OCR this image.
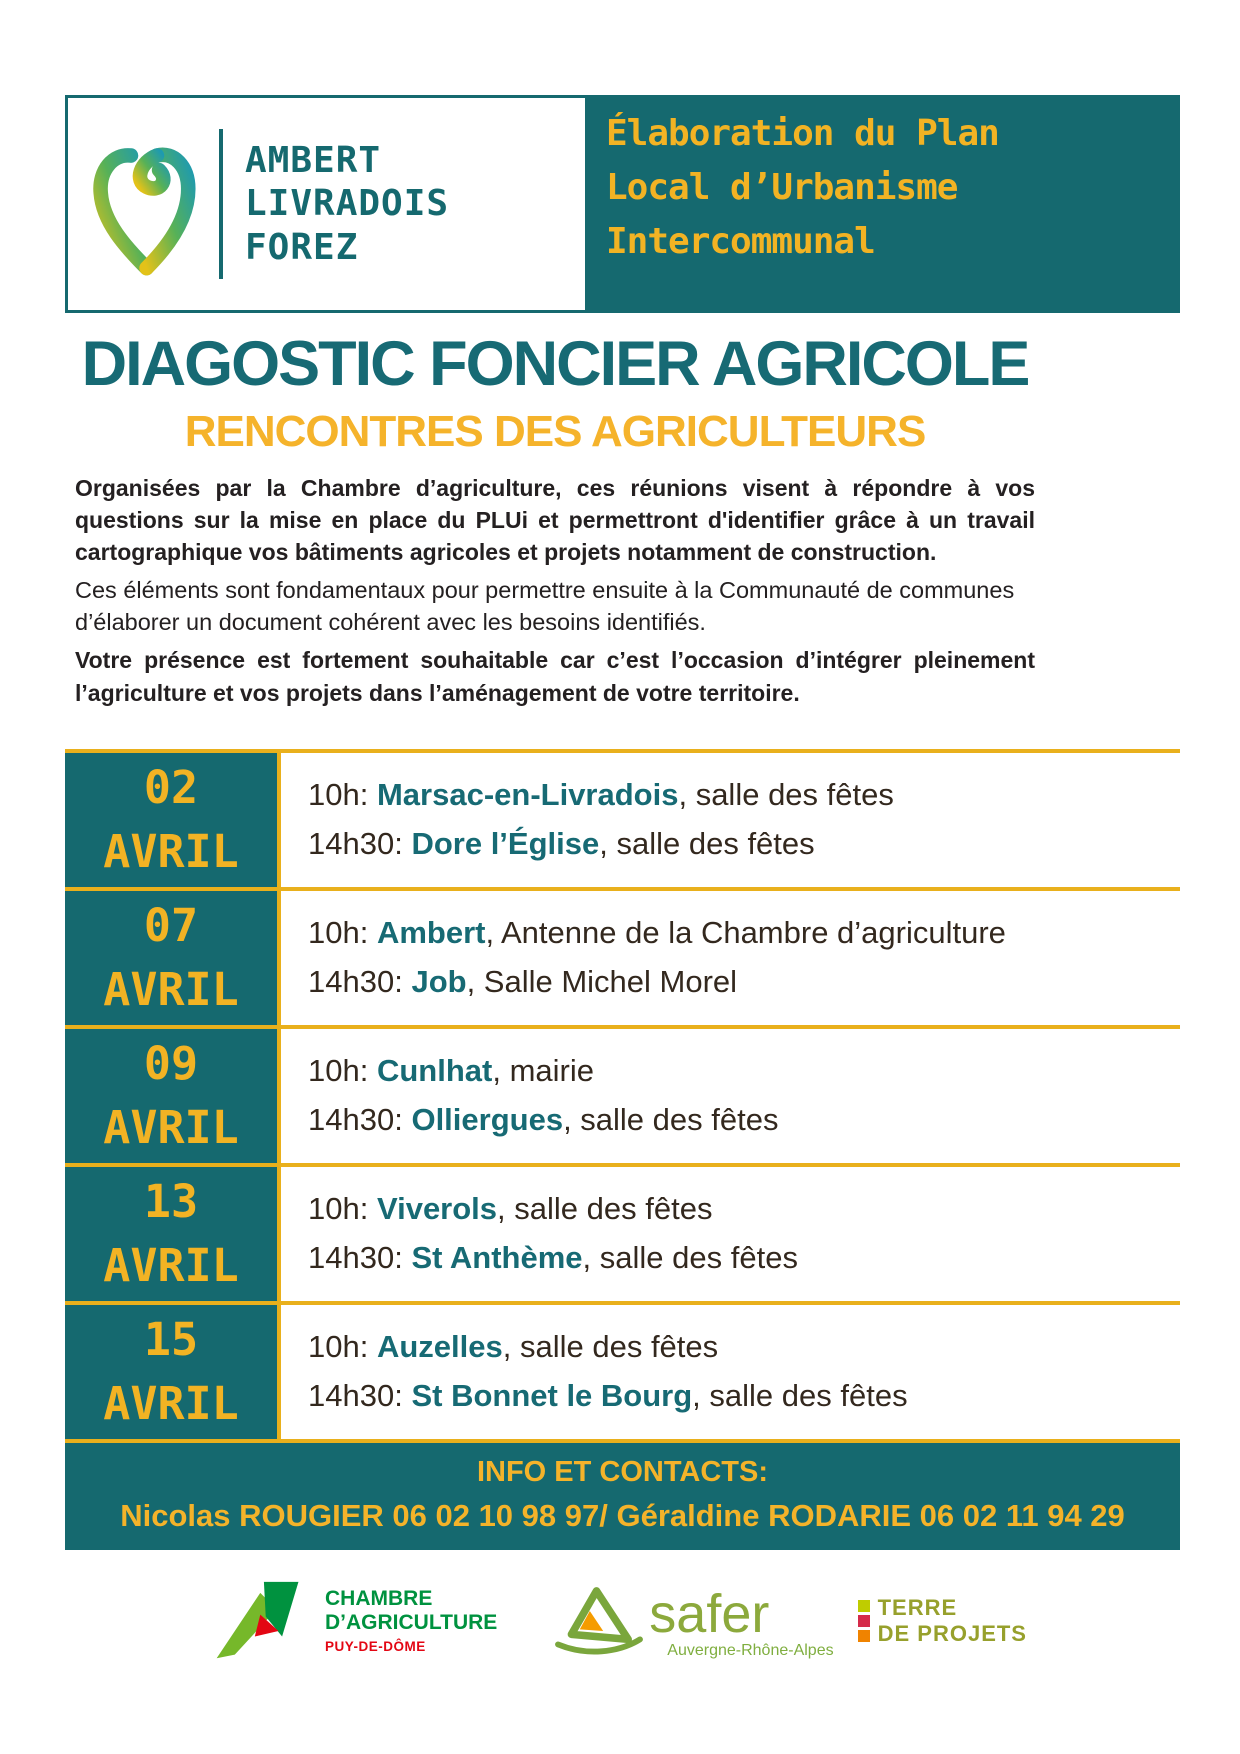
AMBERT
LIVRADOIS
FOREZ
Élaboration du Plan
Local d’Urbanisme
Intercommunal
DIAGOSTIC FONCIER AGRICOLE
RENCONTRES DES AGRICULTEURS

Organisées par la Chambre d’agriculture, ces réunions visent à répondre à vos questions sur la mise en place du PLUi et permettront d'identifier grâce à un travail cartographique vos bâtiments agricoles et projets notamment de construction.

Ces éléments sont fondamentaux pour permettre ensuite à la Communauté de communes d’élaborer un document cohérent avec les besoins identifiés.

Votre présence est fortement souhaitable car c’est l’occasion d’intégrer pleinement l’agriculture et vos projets dans l’aménagement de votre territoire.

02
AVRIL
10h: Marsac-en-Livradois, salle des fêtes
14h30: Dore l’Église, salle des fêtes
07
AVRIL
10h: Ambert, Antenne de la Chambre d’agriculture
14h30: Job, Salle Michel Morel
09
AVRIL
10h: Cunlhat, mairie
14h30: Olliergues, salle des fêtes
13
AVRIL
10h: Viverols, salle des fêtes
14h30: St Anthème, salle des fêtes
15
AVRIL
10h: Auzelles, salle des fêtes
14h30: St Bonnet le Bourg, salle des fêtes
INFO ET CONTACTS:
Nicolas ROUGIER 06 02 10 98 97/ Géraldine RODARIE 06 02 11 94 29
CHAMBRE
D’AGRICULTURE
PUY-DE-DÔME
safer
Auvergne-Rhône-Alpes
TERRE
DE PROJETS
